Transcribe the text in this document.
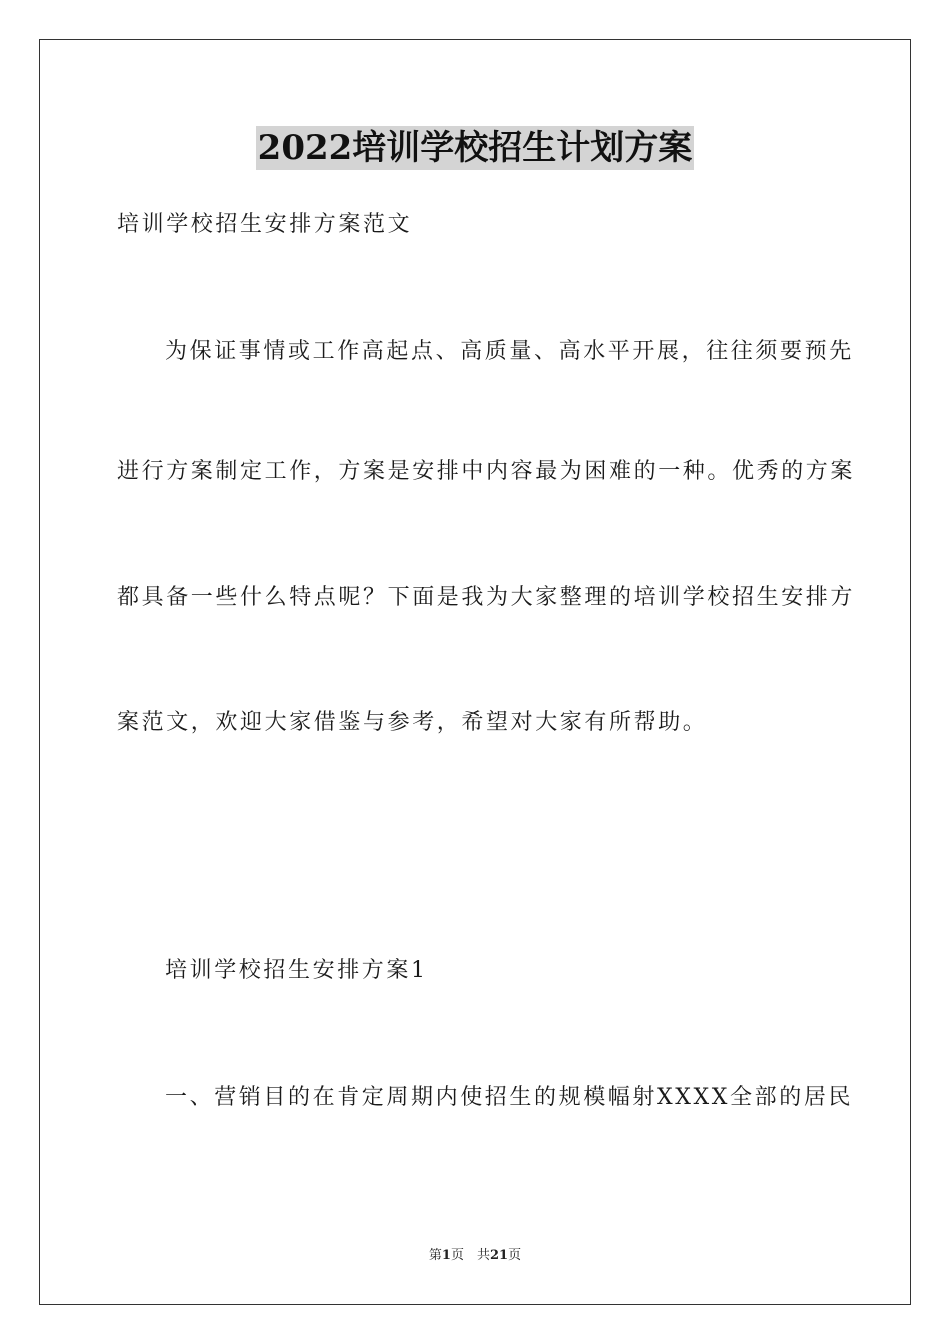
2022培训学校招生计划方案
培训学校招生安排方案范文
为保证事情或工作高起点、高质量、高水平开展，往往须要预先
进行方案制定工作，方案是安排中内容最为困难的一种。优秀的方案
都具备一些什么特点呢？下面是我为大家整理的培训学校招生安排方
案范文，欢迎大家借鉴与参考，希望对大家有所帮助。
培训学校招生安排方案1
一、营销目的在肯定周期内使招生的规模幅射XXXX全部的居民
第1页　共21页
